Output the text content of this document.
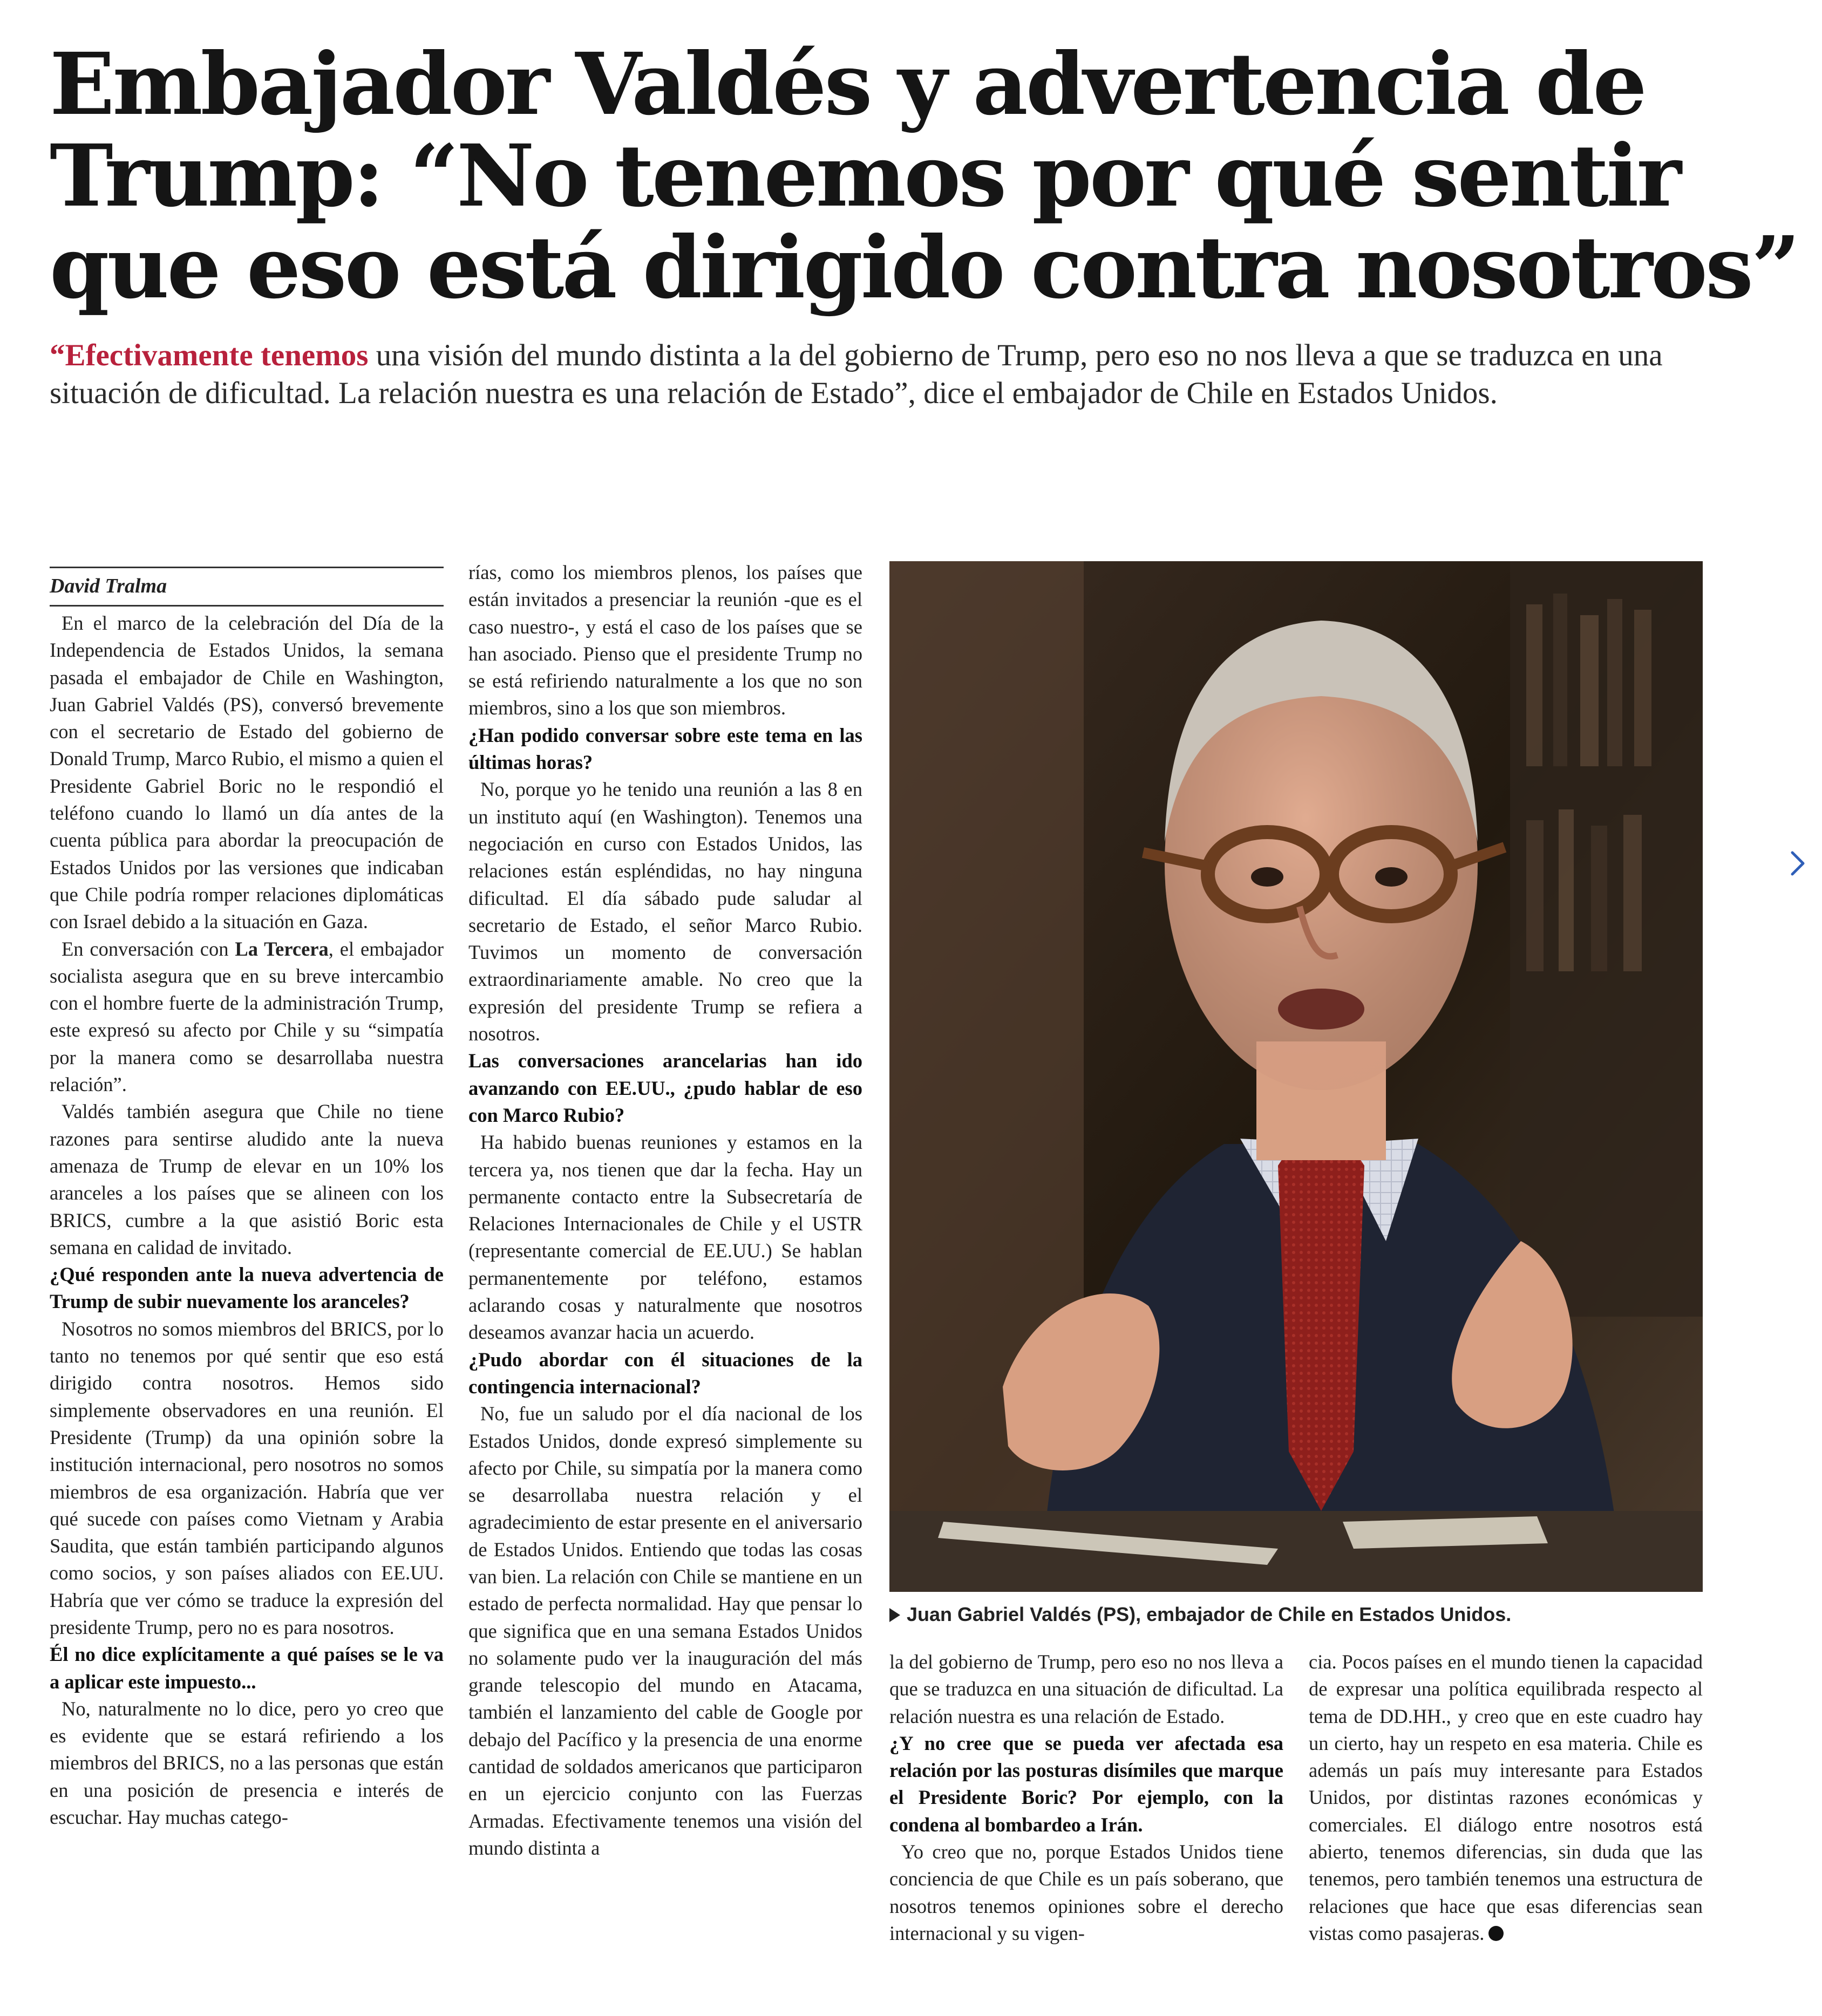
Embajador Valdés y advertencia de
Trump: “No tenemos por qué sentir
que eso está dirigido contra nosotros”

“Efectivamente tenemos una visión del mundo distinta a la del gobierno de Trump, pero eso no nos lleva a que se traduzca en una situación de dificultad. La relación nuestra es una relación de Estado”, dice el embajador de Chile en Estados Unidos.

David Tralma

En el marco de la celebración del Día de la Independencia de Estados Unidos, la semana pasada el embajador de Chile en Washington, Juan Gabriel Valdés (PS), conversó brevemente con el secretario de Estado del gobierno de Donald Trump, Marco Rubio, el mismo a quien el Presidente Gabriel Boric no le respondió el teléfono cuando lo llamó un día antes de la cuenta pública para abordar la preocupación de Estados Unidos por las versiones que indicaban que Chile podría romper relaciones diplomáticas con Israel debido a la situación en Gaza.

En conversación con La Tercera, el embajador socialista asegura que en su breve intercambio con el hombre fuerte de la administración Trump, este expresó su afecto por Chile y su “simpatía por la manera como se desarrollaba nuestra relación”.

Valdés también asegura que Chile no tiene razones para sentirse aludido ante la nueva amenaza de Trump de elevar en un 10% los aranceles a los países que se alineen con los BRICS, cumbre a la que asistió Boric esta semana en calidad de invitado.

¿Qué responden ante la nueva advertencia de Trump de subir nuevamente los aranceles?

Nosotros no somos miembros del BRICS, por lo tanto no tenemos por qué sentir que eso está dirigido contra nosotros. Hemos sido simplemente observadores en una reunión. El Presidente (Trump) da una opinión sobre la institución internacional, pero nosotros no somos miembros de esa organización. Habría que ver qué sucede con países como Vietnam y Arabia Saudita, que están también participando algunos como socios, y son países aliados con EE.UU. Habría que ver cómo se traduce la expresión del presidente Trump, pero no es para nosotros.

Él no dice explícitamente a qué países se le va a aplicar este impuesto...

No, naturalmente no lo dice, pero yo creo que es evidente que se estará refiriendo a los miembros del BRICS, no a las personas que están en una posición de presencia e interés de escuchar. Hay muchas catego-

rías, como los miembros plenos, los países que están invitados a presenciar la reunión -que es el caso nuestro-, y está el caso de los países que se han asociado. Pienso que el presidente Trump no se está refiriendo naturalmente a los que no son miembros, sino a los que son miembros.

¿Han podido conversar sobre este tema en las últimas horas?

No, porque yo he tenido una reunión a las 8 en un instituto aquí (en Washington). Tenemos una negociación en curso con Estados Unidos, las relaciones están espléndidas, no hay ninguna dificultad. El día sábado pude saludar al secretario de Estado, el señor Marco Rubio. Tuvimos un momento de conversación extraordinariamente amable. No creo que la expresión del presidente Trump se refiera a nosotros.

Las conversaciones arancelarias han ido avanzando con EE.UU., ¿pudo hablar de eso con Marco Rubio?

Ha habido buenas reuniones y estamos en la tercera ya, nos tienen que dar la fecha. Hay un permanente contacto entre la Subsecretaría de Relaciones Internacionales de Chile y el USTR (representante comercial de EE.UU.) Se hablan permanentemente por teléfono, estamos aclarando cosas y naturalmente que nosotros deseamos avanzar hacia un acuerdo.

¿Pudo abordar con él situaciones de la contingencia internacional?

No, fue un saludo por el día nacional de los Estados Unidos, donde expresó simplemente su afecto por Chile, su simpatía por la manera como se desarrollaba nuestra relación y el agradecimiento de estar presente en el aniversario de Estados Unidos. Entiendo que todas las cosas van bien. La relación con Chile se mantiene en un estado de perfecta normalidad. Hay que pensar lo que significa que en una semana Estados Unidos no solamente pudo ver la inauguración del más grande telescopio del mundo en Atacama, también el lanzamiento del cable de Google por debajo del Pacífico y la presencia de una enorme cantidad de soldados americanos que participaron en un ejercicio conjunto con las Fuerzas Armadas. Efectivamente tenemos una visión del mundo distinta a

Juan Gabriel Valdés (PS), embajador de Chile en Estados Unidos.

la del gobierno de Trump, pero eso no nos lleva a que se traduzca en una situación de dificultad. La relación nuestra es una relación de Estado.

¿Y no cree que se pueda ver afectada esa relación por las posturas disímiles que marque el Presidente Boric? Por ejemplo, con la condena al bombardeo a Irán.

Yo creo que no, porque Estados Unidos tiene conciencia de que Chile es un país soberano, que nosotros tenemos opiniones sobre el derecho internacional y su vigen-

cia. Pocos países en el mundo tienen la capacidad de expresar una política equilibrada respecto al tema de DD.HH., y creo que en este cuadro hay un cierto, hay un respeto en esa materia. Chile es además un país muy interesante para Estados Unidos, por distintas razones económicas y comerciales. El diálogo entre nosotros está abierto, tenemos diferencias, sin duda que las tenemos, pero también tenemos una estructura de relaciones que hace que esas diferencias sean vistas como pasajeras.
